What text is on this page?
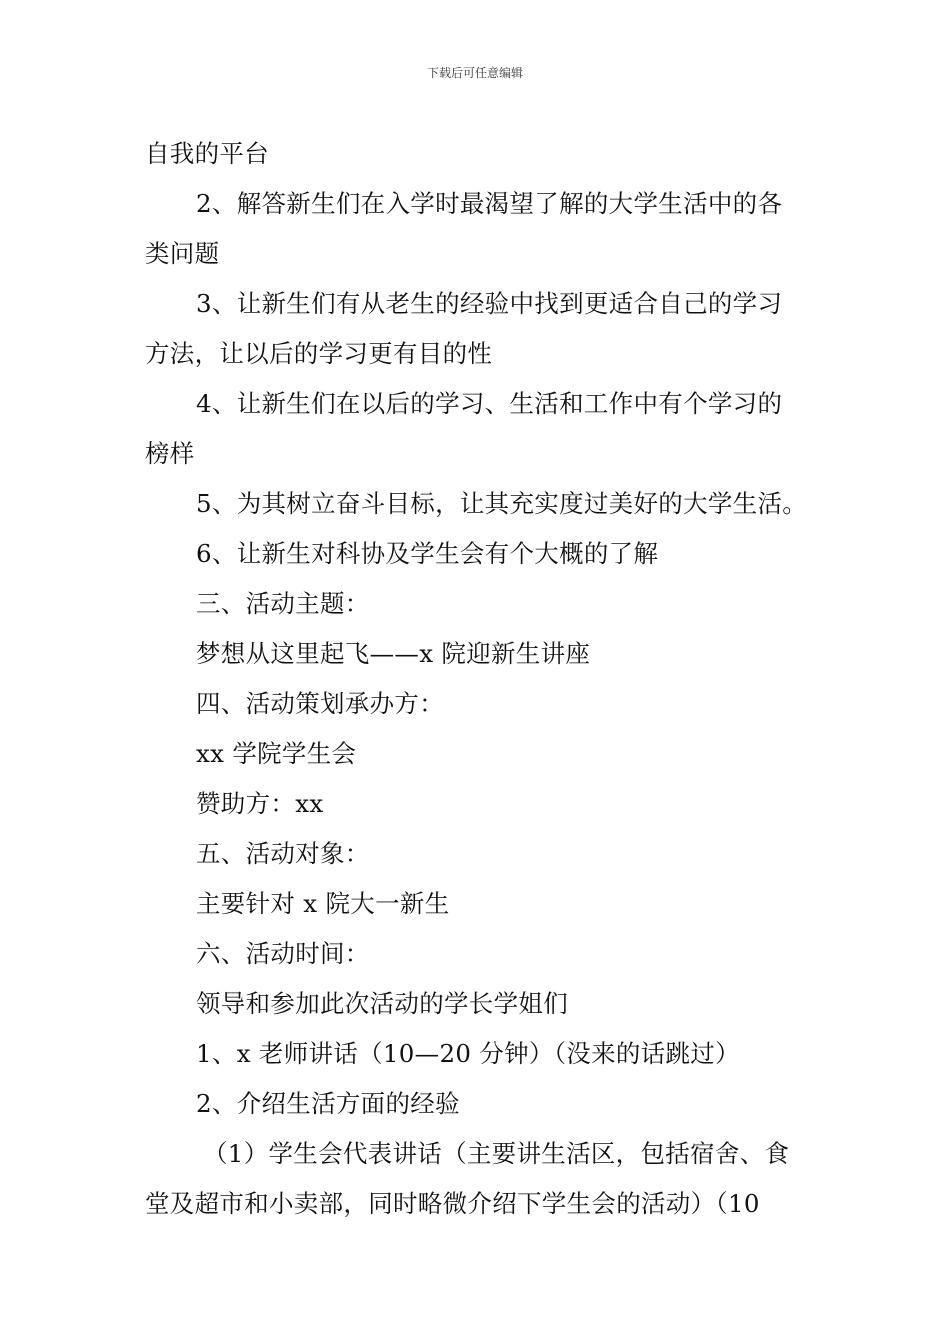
下载后可任意编辑

自我的平台

2、解答新生们在入学时最渴望了解的大学生活中的各

类问题

3、让新生们有从老生的经验中找到更适合自己的学习

方法，让以后的学习更有目的性

4、让新生们在以后的学习、生活和工作中有个学习的

榜样

5、为其树立奋斗目标，让其充实度过美好的大学生活。

6、让新生对科协及学生会有个大概的了解

三、活动主题：

梦想从这里起飞——x 院迎新生讲座

四、活动策划承办方：

xx 学院学生会

赞助方：xx

五、活动对象：

主要针对 x 院大一新生

六、活动时间：

领导和参加此次活动的学长学姐们

1、x 老师讲话（10—20 分钟）（没来的话跳过）

2、介绍生活方面的经验

（1）学生会代表讲话（主要讲生活区，包括宿舍、食

堂及超市和小卖部，同时略微介绍下学生会的活动）（10
